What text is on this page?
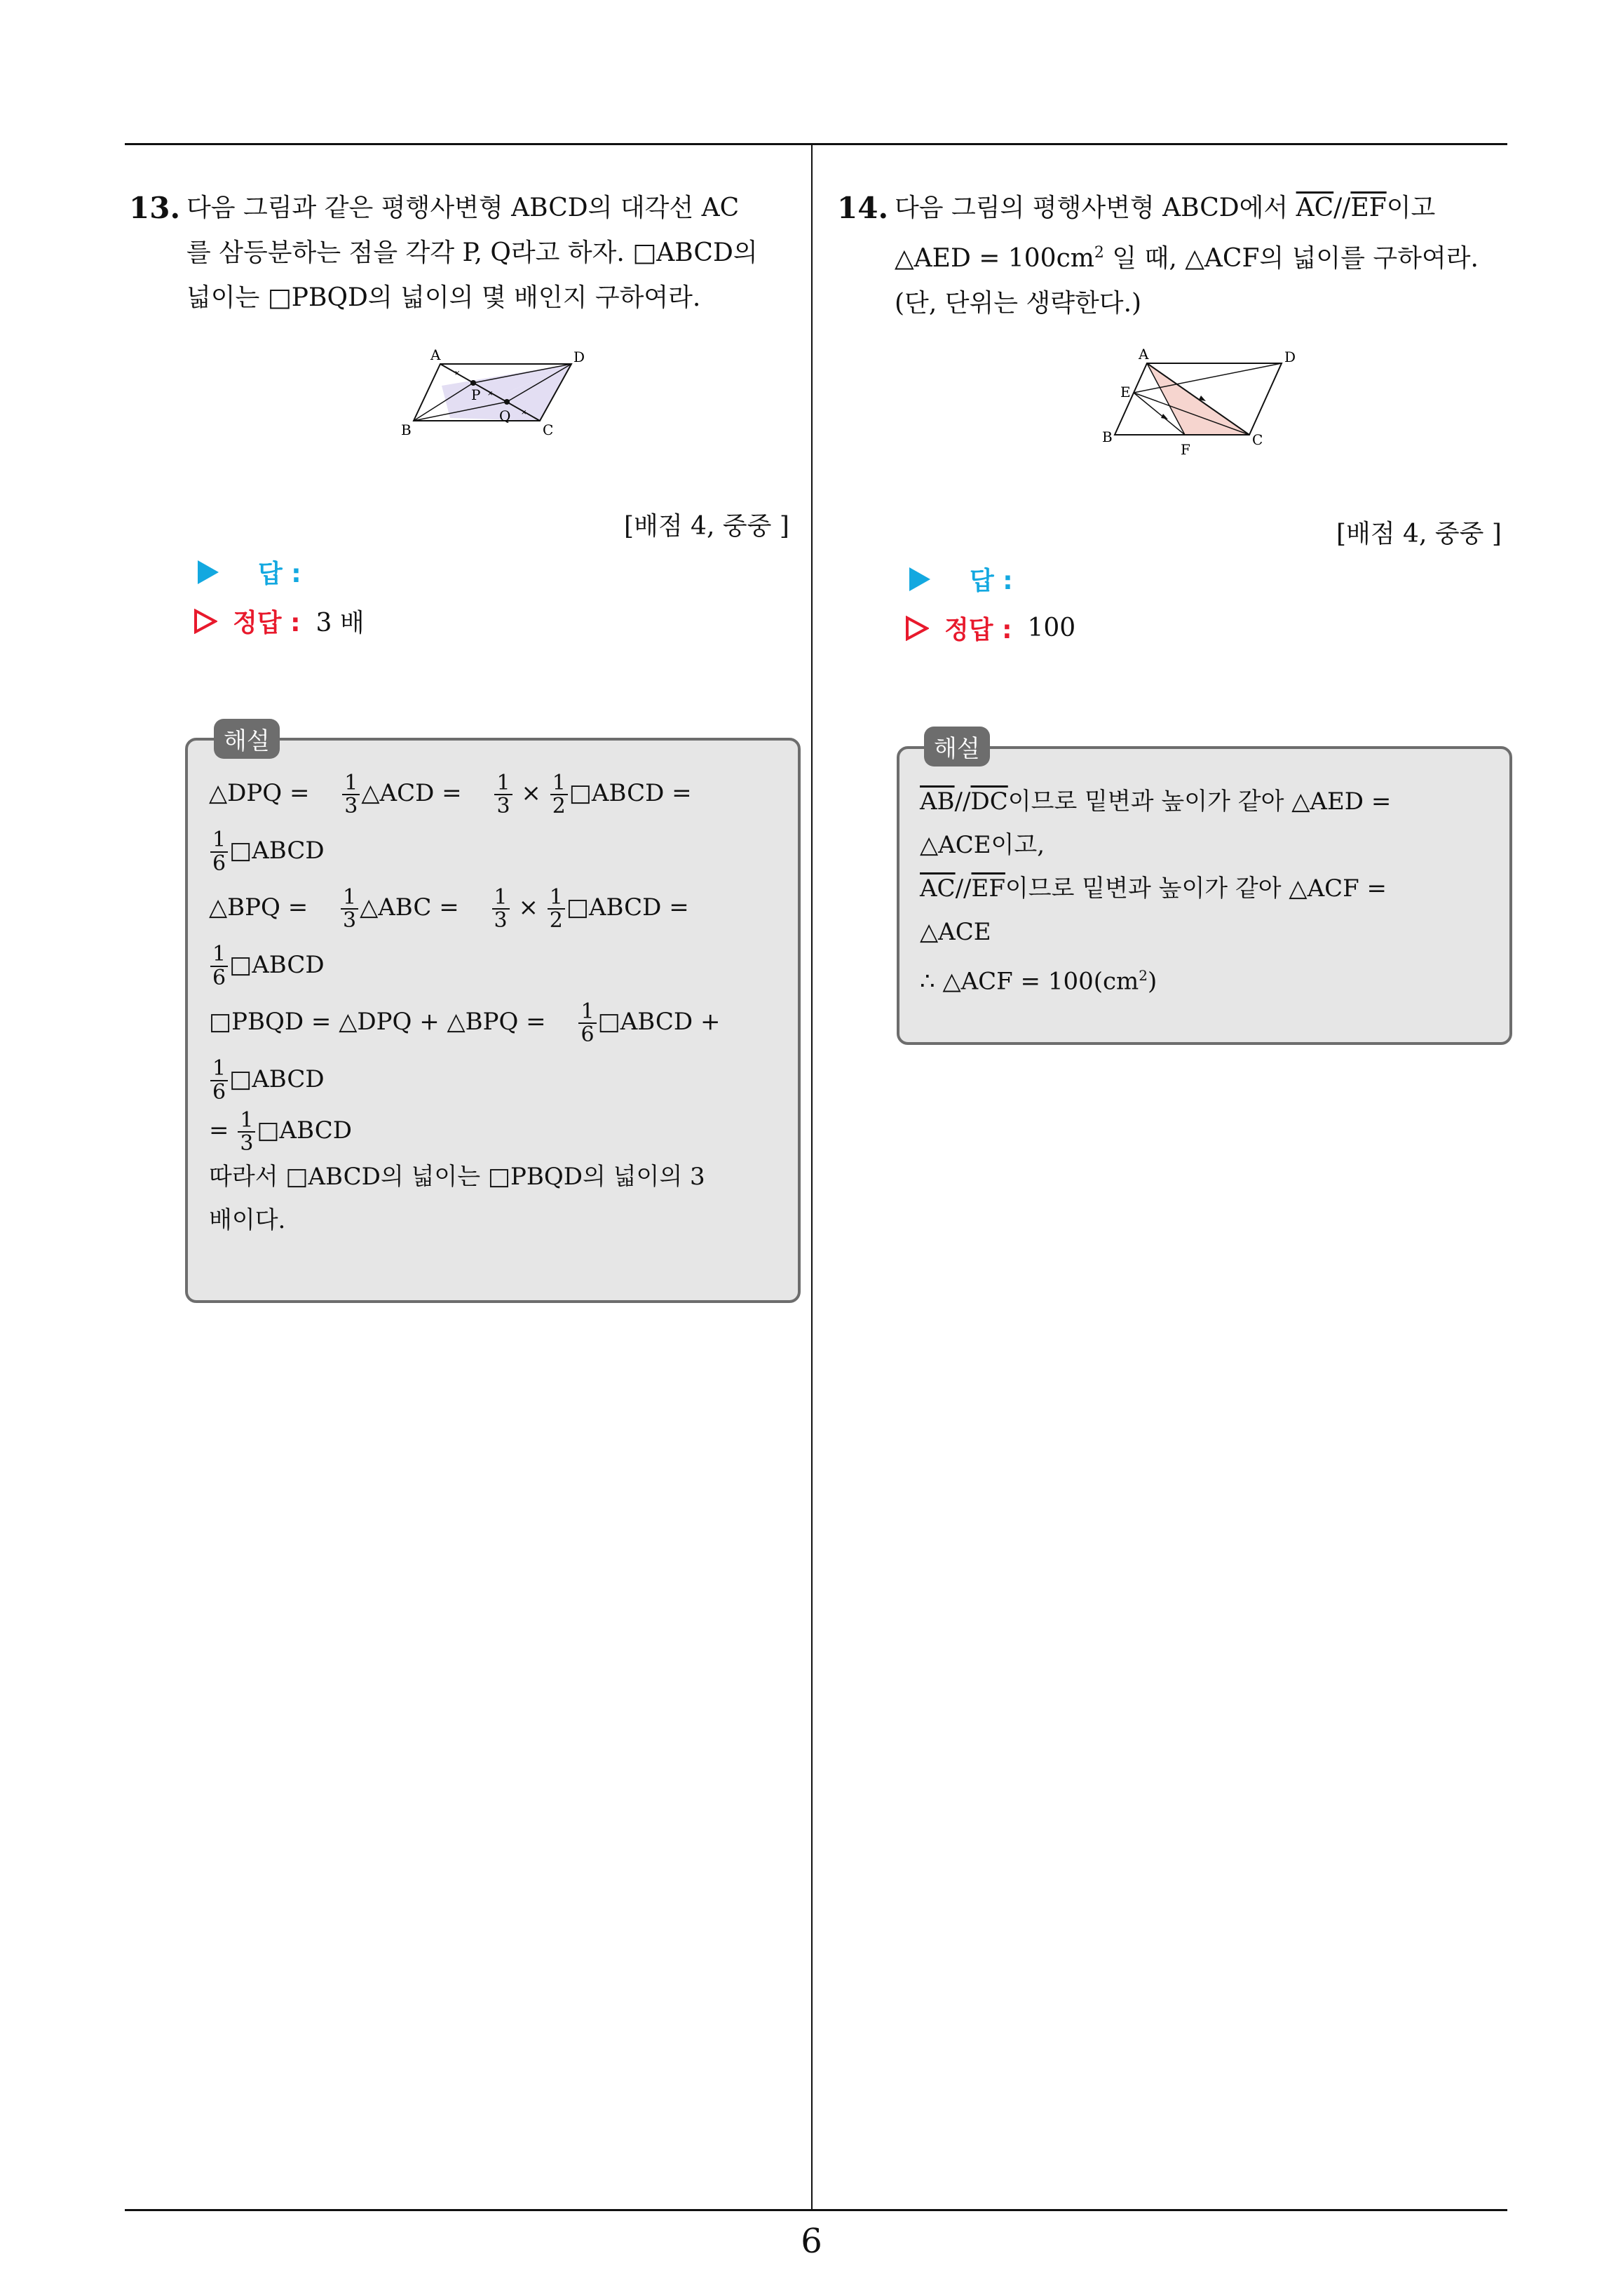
6
13. 다음 그림과 같은 평행사변형 ABCD의 대각선 AC
를 삼등분하는 점을 각각 P, Q라고 하자. □ABCD의
넓이는 □PBQD의 넓이의 몇 배인지 구하여라.
×
×
×
A	D
B	C
P
Q
[배점 4, 중중 ]
답 :
정답 : 3 배
해설
△DPQ = $\frac{1}{3}$ △ACD = $\frac{1}{3} \times \frac{1}{2}$ □ABCD =
$\frac{1}{6}$ □ABCD
△BPQ = $\frac{1}{3}$ △ABC = $\frac{1}{3} \times \frac{1}{2}$ □ABCD =
$\frac{1}{6}$ □ABCD
□PBQD = △DPQ + △BPQ = $\frac{1}{6}$ □ABCD +
$\frac{1}{6}$ □ABCD
= $\frac{1}{3}$ □ABCD
따라서 □ABCD의 넓이는 □PBQD의 넓이의 3
배이다.
14. 다음 그림의 평행사변형 ABCD에서 $\overline{AC}//\overline{EF}$이고
△AED = $100cm^2$ 일 때, △ACF의 넓이를 구하여라.
(단, 단위는 생략한다.)
A	D
E
B
F
C
[배점 4, 중중 ]
답 :
정답 : 100
해설
$\overline{AB}//\overline{DC}$이므로 밑변과 높이가 같아 △AED =
△ACE이고,
$\overline{AC}//\overline{EF}$이므로 밑변과 높이가 같아 △ACF =
△ACE
∴ △ACF = $100(cm^2)$
